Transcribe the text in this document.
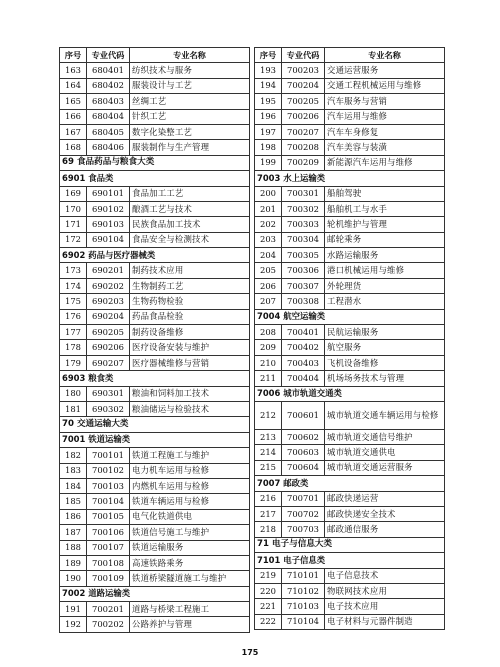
序号	专业代码	专业名称
163	680401	纺织技术与服务
164	680402	服装设计与工艺
165	680403	丝绸工艺
166	680404	针织工艺
167	680405	数字化染整工艺
168	680406	服装制作与生产管理
69 食品药品与粮食大类		
6901 食品类		
169	690101	食品加工工艺
170	690102	酿酒工艺与技术
171	690103	民族食品加工技术
172	690104	食品安全与检测技术
6902 药品与医疗器械类		
173	690201	制药技术应用
174	690202	生物制药工艺
175	690203	生物药物检验
176	690204	药品食品检验
177	690205	制药设备维修
178	690206	医疗设备安装与维护
179	690207	医疗器械维修与营销
6903 粮食类		
180	690301	粮油和饲料加工技术
181	690302	粮油储运与检验技术
70 交通运输大类		
7001 铁道运输类		
182	700101	铁道工程施工与维护
183	700102	电力机车运用与检修
184	700103	内燃机车运用与检修
185	700104	铁道车辆运用与检修
186	700105	电气化铁道供电
187	700106	铁道信号施工与维护
188	700107	铁道运输服务
189	700108	高速铁路乘务
190	700109	铁道桥梁隧道施工与维护
7002 道路运输类		
191	700201	道路与桥梁工程施工
192	700202	公路养护与管理
序号	专业代码	专业名称
193	700203	交通运营服务
194	700204	交通工程机械运用与维修
195	700205	汽车服务与营销
196	700206	汽车运用与维修
197	700207	汽车车身修复
198	700208	汽车美容与装潢
199	700209	新能源汽车运用与维修
7003 水上运输类		
200	700301	船舶驾驶
201	700302	船舶机工与水手
202	700303	轮机维护与管理
203	700304	邮轮乘务
204	700305	水路运输服务
205	700306	港口机械运用与维修
206	700307	外轮理货
207	700308	工程潜水
7004 航空运输类		
208	700401	民航运输服务
209	700402	航空服务
210	700403	飞机设备维修
211	700404	机场场务技术与管理
7006 城市轨道交通类		
212	700601	城市轨道交通车辆运用与检修
213	700602	城市轨道交通信号维护
214	700603	城市轨道交通供电
215	700604	城市轨道交通运营服务
7007 邮政类		
216	700701	邮政快递运营
217	700702	邮政快递安全技术
218	700703	邮政通信服务
71 电子与信息大类		
7101 电子信息类		
219	710101	电子信息技术
220	710102	物联网技术应用
221	710103	电子技术应用
222	710104	电子材料与元器件制造
175
